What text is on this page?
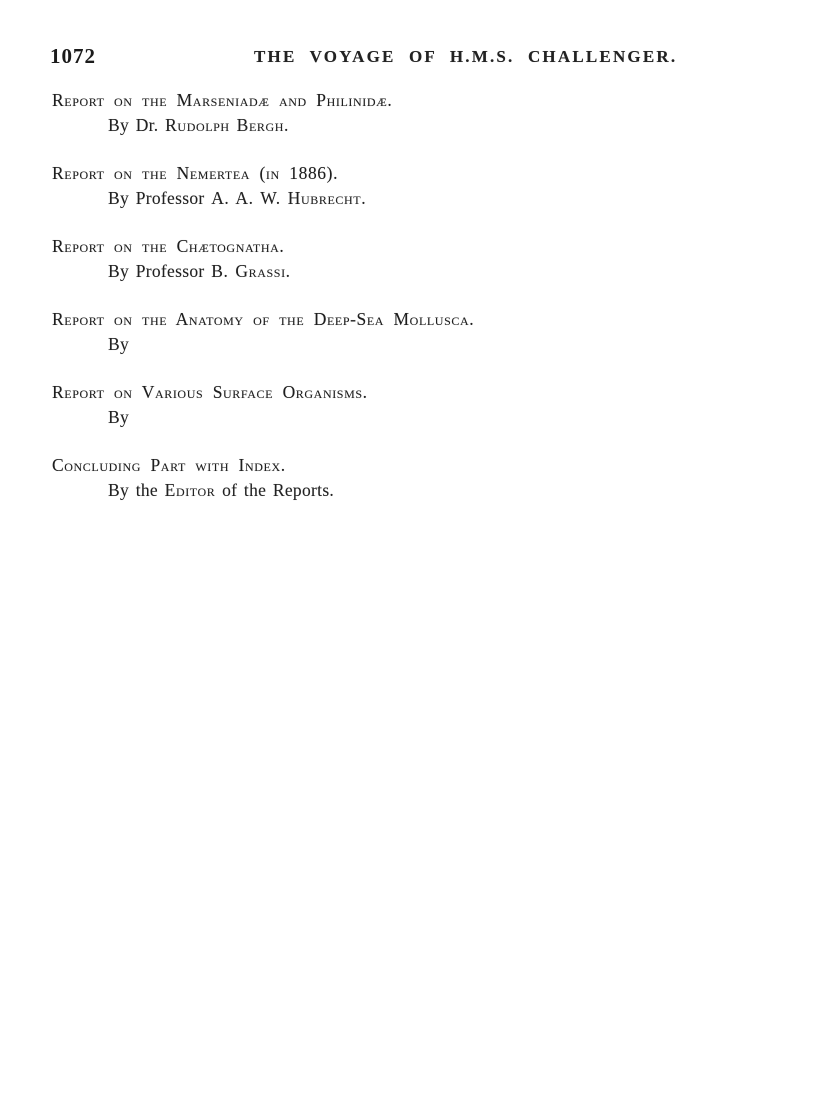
1072	THE VOYAGE OF H.M.S. CHALLENGER.
Report on the Marseniadæ and Philinidæ.
By Dr. Rudolph Bergh.
Report on the Nemertea (in 1886).
By Professor A. A. W. Hubrecht.
Report on the Chætognatha.
By Professor B. Grassi.
Report on the Anatomy of the Deep-Sea Mollusca.
By
Report on Various Surface Organisms.
By
Concluding Part with Index.
By the Editor of the Reports.
